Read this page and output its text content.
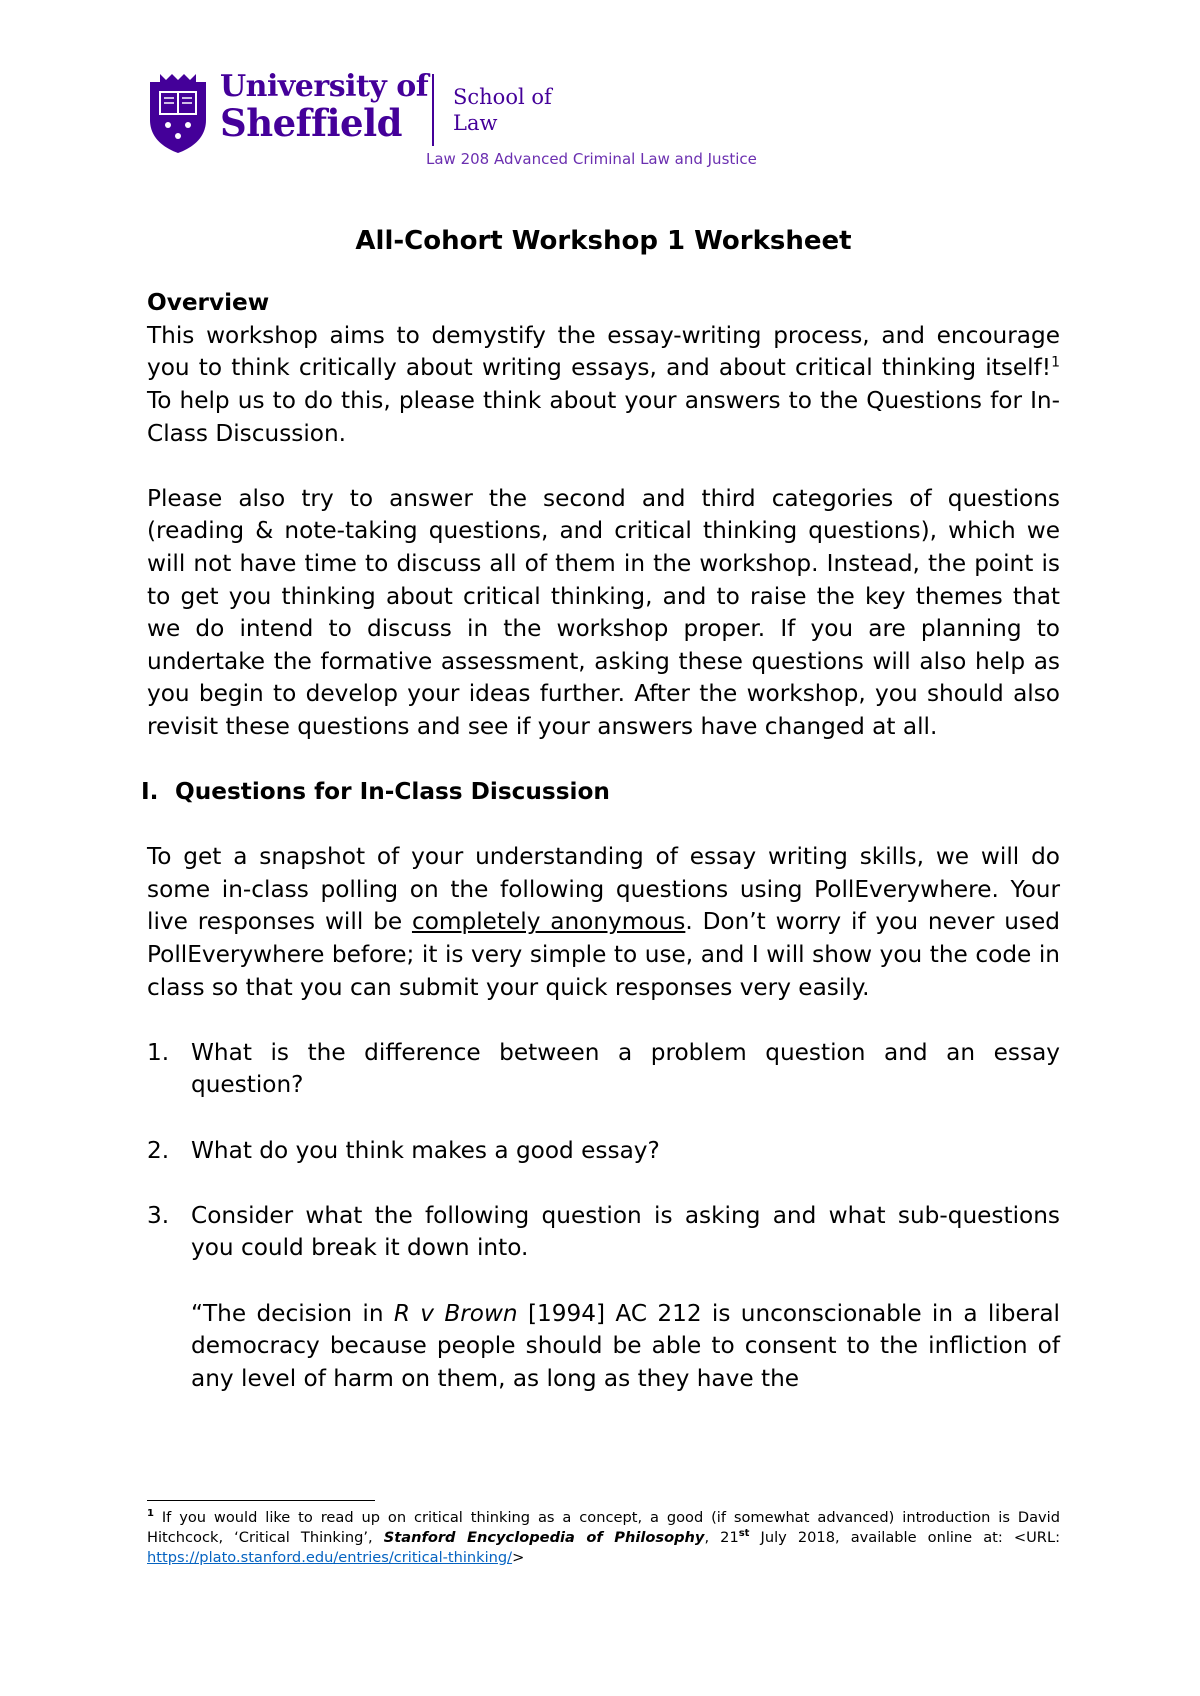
University of
Sheffield
School of Law
Law 208 Advanced Criminal Law and Justice
All-Cohort Workshop 1 Worksheet

Overview

This workshop aims to demystify the essay-writing process, and encourage you to think critically about writing essays, and about critical thinking itself!$^1$ To help us to do this, please think about your answers to the Questions for In-Class Discussion.

Please also try to answer the second and third categories of questions (reading & note-taking questions, and critical thinking questions), which we will not have time to discuss all of them in the workshop. Instead, the point is to get you thinking about critical thinking, and to raise the key themes that we do intend to discuss in the workshop proper. If you are planning to undertake the formative assessment, asking these questions will also help as you begin to develop your ideas further. After the workshop, you should also revisit these questions and see if your answers have changed at all.

I. Questions for In-Class Discussion

To get a snapshot of your understanding of essay writing skills, we will do some in-class polling on the following questions using PollEverywhere. Your live responses will be completely anonymous. Don’t worry if you never used PollEverywhere before; it is very simple to use, and I will show you the code in class so that you can submit your quick responses very easily.

1. What is the difference between a problem question and an essay question?
2. What do you think makes a good essay?
3. Consider what the following question is asking and what sub-questions you could break it down into.
“The decision in R v Brown [1994] AC 212 is unconscionable in a liberal democracy because people should be able to consent to the infliction of any level of harm on them, as long as they have the
$^1$ If you would like to read up on critical thinking as a concept, a good (if somewhat advanced) introduction is David Hitchcock, ‘Critical Thinking’, Stanford Encyclopedia of Philosophy, 21st July 2018, available online at: <URL: https://plato.stanford.edu/entries/critical-thinking/>
